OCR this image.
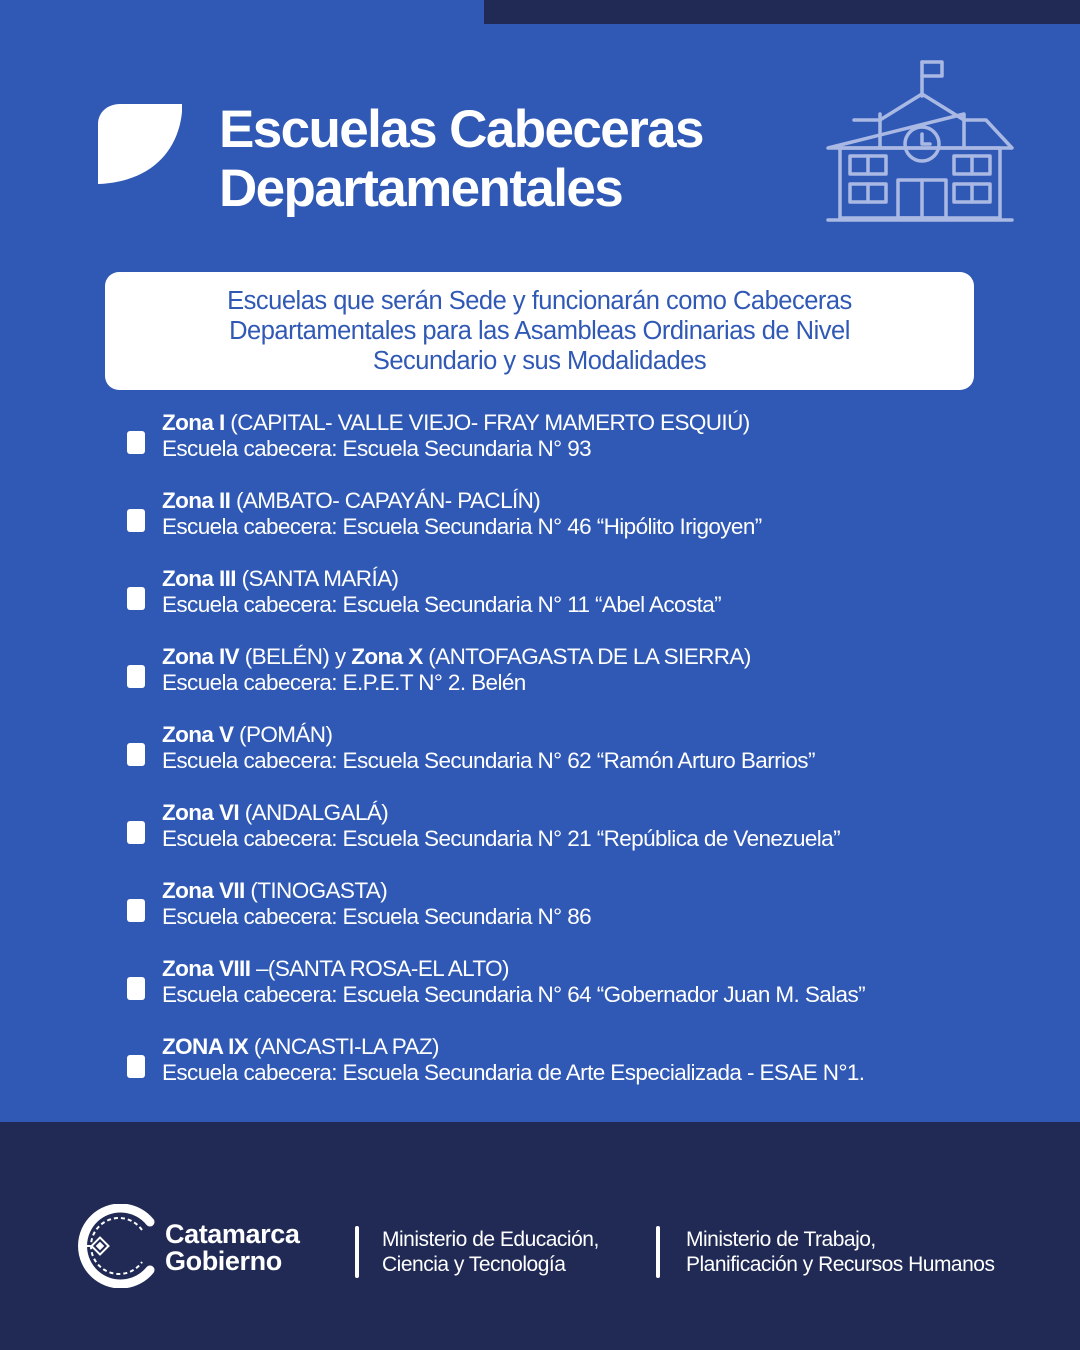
Escuelas Cabeceras
Departamentales
Escuelas que serán Sede y funcionarán como Cabeceras
Departamentales para las Asambleas Ordinarias de Nivel
Secundario y sus Modalidades
Zona I (CAPITAL- VALLE VIEJO- FRAY MAMERTO ESQUIÚ)
Escuela cabecera: Escuela Secundaria N° 93
Zona II (AMBATO- CAPAYÁN- PACLÍN)
Escuela cabecera: Escuela Secundaria N° 46 “Hipólito Irigoyen”
Zona III (SANTA MARÍA)
Escuela cabecera: Escuela Secundaria N° 11 “Abel Acosta”
Zona IV (BELÉN) y Zona X (ANTOFAGASTA DE LA SIERRA)
Escuela cabecera: E.P.E.T N° 2. Belén
Zona V (POMÁN)
Escuela cabecera: Escuela Secundaria N° 62 “Ramón Arturo Barrios”
Zona VI (ANDALGALÁ)
Escuela cabecera: Escuela Secundaria N° 21 “República de Venezuela”
Zona VII (TINOGASTA)
Escuela cabecera: Escuela Secundaria N° 86
Zona VIII –(SANTA ROSA-EL ALTO)
Escuela cabecera: Escuela Secundaria N° 64 “Gobernador Juan M. Salas”
ZONA IX (ANCASTI-LA PAZ)
Escuela cabecera: Escuela Secundaria de Arte Especializada - ESAE N°1.
Catamarca
Gobierno
Ministerio de Educación,
Ciencia y Tecnología
Ministerio de Trabajo,
Planificación y Recursos Humanos
